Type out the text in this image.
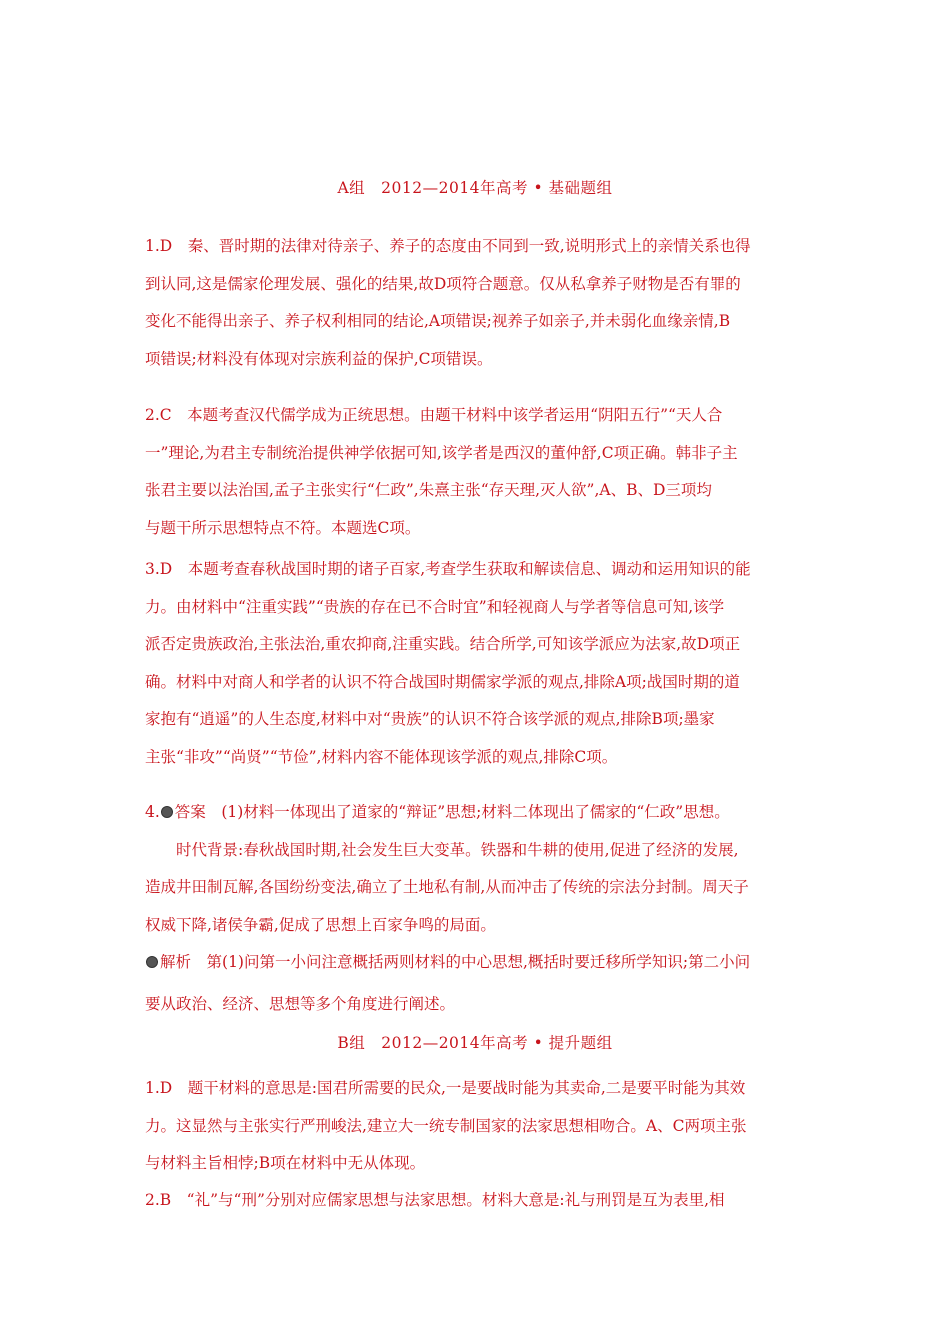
A组　2012—2014年高考 • 基础题组
1.D　秦、晋时期的法律对待亲子、养子的态度由不同到一致,说明形式上的亲情关系也得
到认同,这是儒家伦理发展、强化的结果,故D项符合题意。仅从私拿养子财物是否有罪的
变化不能得出亲子、养子权利相同的结论,A项错误;视养子如亲子,并未弱化血缘亲情,B
项错误;材料没有体现对宗族利益的保护,C项错误。
2.C　本题考查汉代儒学成为正统思想。由题干材料中该学者运用“阴阳五行”“天人合
一”理论,为君主专制统治提供神学依据可知,该学者是西汉的董仲舒,C项正确。韩非子主
张君主要以法治国,孟子主张实行“仁政”,朱熹主张“存天理,灭人欲”,A、B、D三项均
与题干所示思想特点不符。本题选C项。
3.D　本题考查春秋战国时期的诸子百家,考查学生获取和解读信息、调动和运用知识的能
力。由材料中“注重实践”“贵族的存在已不合时宜”和轻视商人与学者等信息可知,该学
派否定贵族政治,主张法治,重农抑商,注重实践。结合所学,可知该学派应为法家,故D项正
确。材料中对商人和学者的认识不符合战国时期儒家学派的观点,排除A项;战国时期的道
家抱有“逍遥”的人生态度,材料中对“贵族”的认识不符合该学派的观点,排除B项;墨家
主张“非攻”“尚贤”“节俭”,材料内容不能体现该学派的观点,排除C项。
4. 答案　(1)材料一体现出了道家的“辩证”思想;材料二体现出了儒家的“仁政”思想。
时代背景:春秋战国时期,社会发生巨大变革。铁器和牛耕的使用,促进了经济的发展,
造成井田制瓦解,各国纷纷变法,确立了土地私有制,从而冲击了传统的宗法分封制。周天子
权威下降,诸侯争霸,促成了思想上百家争鸣的局面。
解析　第(1)问第一小问注意概括两则材料的中心思想,概括时要迁移所学知识;第二小问
要从政治、经济、思想等多个角度进行阐述。
B组　2012—2014年高考 • 提升题组
1.D　题干材料的意思是:国君所需要的民众,一是要战时能为其卖命,二是要平时能为其效
力。这显然与主张实行严刑峻法,建立大一统专制国家的法家思想相吻合。A、C两项主张
与材料主旨相悖;B项在材料中无从体现。
2.B　“礼”与“刑”分别对应儒家思想与法家思想。材料大意是:礼与刑罚是互为表里,相
